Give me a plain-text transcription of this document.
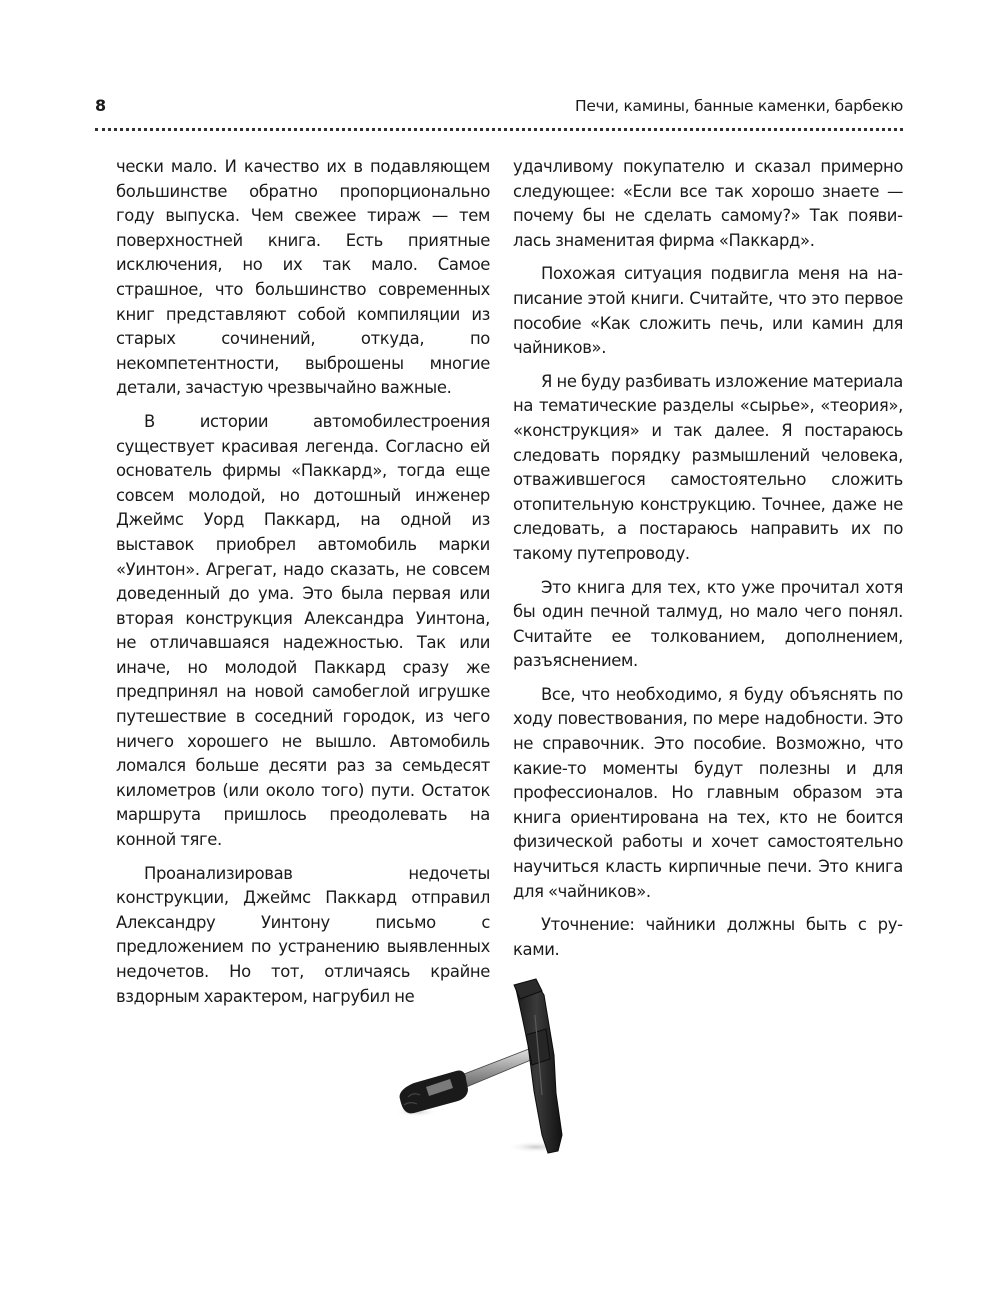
8	Печи, камины, банные каменки, барбекю

чески мало. И качество их в подавляющем большинстве обратно пропорционально году выпуска. Чем свежее тираж — тем поверхностней книга. Есть приятные исключения, но их так мало. Самое страшное, что большинство современных книг представляют собой компиляции из старых сочинений, откуда, по некомпетентности, выброшены многие детали, зачастую чрезвычайно важные.

В истории автомобилестроения существует красивая легенда. Согласно ей основатель фирмы «Паккард», тогда еще совсем молодой, но дотошный инженер Джеймс Уорд Паккард, на одной из выставок приобрел автомобиль марки «Уинтон». Агрегат, надо сказать, не совсем доведенный до ума. Это была первая или вторая конструкция Александра Уинтона, не отличавшаяся надежностью. Так или иначе, но молодой Паккард сразу же предпринял на новой самобеглой игрушке путешествие в соседний городок, из чего ничего хорошего не вышло. Автомобиль ломался больше десяти раз за семьдесят километров (или около того) пути. Остаток маршрута пришлось преодолевать на конной тяге.

Проанализировав недочеты конструкции, Джеймс Паккард отправил Александру Уинтону письмо с предложением по устранению выявленных недочетов. Но тот, отличаясь крайне вздорным характером, нагрубил не

удачливому покупателю и сказал примерно следующее: «Если все так хорошо знаете — почему бы не сделать самому?» Так появилась знаменитая фирма «Паккард».

Похожая ситуация подвигла меня на написание этой книги. Считайте, что это первое пособие «Как сложить печь, или камин для чайников».

Я не буду разбивать изложение материала на тематические разделы «сырье», «теория», «конструкция» и так далее. Я постараюсь следовать порядку размышлений человека, отважившегося самостоятельно сложить отопительную конструкцию. Точнее, даже не следовать, а постараюсь направить их по такому путепроводу.

Это книга для тех, кто уже прочитал хотя бы один печной талмуд, но мало чего понял. Считайте ее толкованием, дополнением, разъяснением.

Все, что необходимо, я буду объяснять по ходу повествования, по мере надобности. Это не справочник. Это пособие. Возможно, что какие-то моменты будут полезны и для профессионалов. Но главным образом эта книга ориентирована на тех, кто не боится физической работы и хочет самостоятельно научиться класть кирпичные печи. Это книга для «чайников».

Уточнение: чайники должны быть с руками.
